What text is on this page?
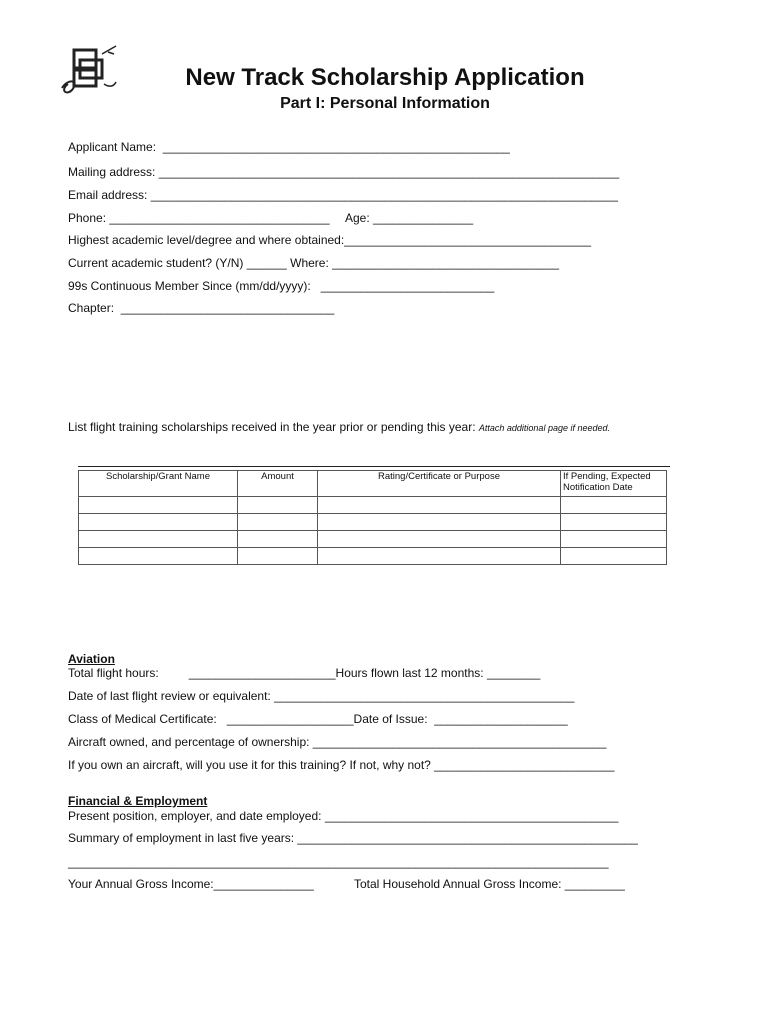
New Track Scholarship Application
Part I: Personal Information
Applicant Name:  ____________________________________________________
Mailing address: _____________________________________________________________________
Email address: ______________________________________________________________________
Phone: _________________________________ Age: _______________
Highest academic level/degree and where obtained:_____________________________________
Current academic student? (Y/N) ______ Where: __________________________________
99s Continuous Member Since (mm/dd/yyyy):   __________________________
Chapter:  ________________________________
List flight training scholarships received in the year prior or pending this year: Attach additional page if needed.
Scholarship/Grant Name	Amount	Rating/Certificate or Purpose	If Pending, Expected Notification Date

Aviation
Total flight hours:         ______________________Hours flown last 12 months: ________
Date of last flight review or equivalent: _____________________________________________
Class of Medical Certificate:   ___________________Date of Issue:  ____________________
Aircraft owned, and percentage of ownership: ____________________________________________
If you own an aircraft, will you use it for this training? If not, why not? ___________________________
Financial & Employment
Present position, employer, and date employed: ____________________________________________
Summary of employment in last five years: ___________________________________________________
_________________________________________________________________________________
Your Annual Gross Income:_______________	Total Household Annual Gross Income: _________
